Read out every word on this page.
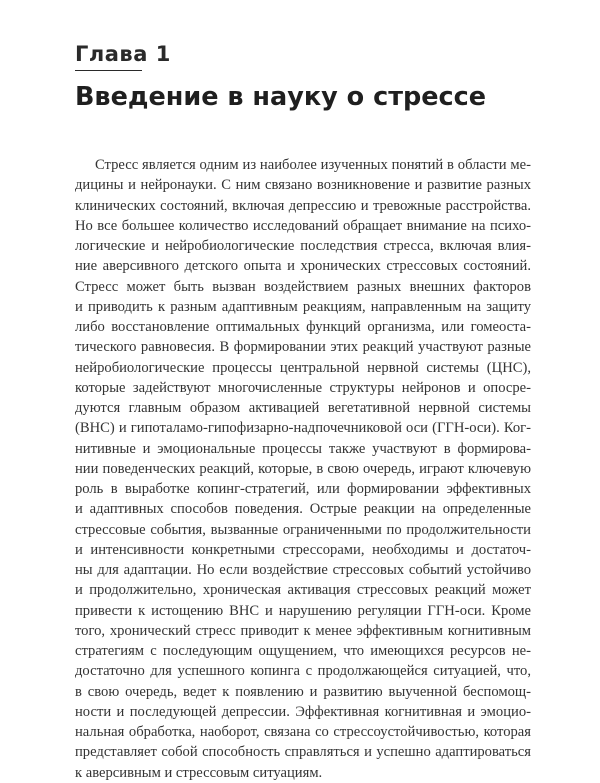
Глава 1
Введение в науку о стрессе
Стресс является одним из наиболее изученных понятий в области ме-
дицины и нейронауки. С ним связано возникновение и развитие разных
клинических состояний, включая депрессию и тревожные расстройства.
Но все большее количество исследований обращает внимание на психо-
логические и нейробиологические последствия стресса, включая влия-
ние аверсивного детского опыта и хронических стрессовых состояний.
Стресс может быть вызван воздействием разных внешних факторов
и приводить к разным адаптивным реакциям, направленным на защиту
либо восстановление оптимальных функций организма, или гомеоста-
тического равновесия. В формировании этих реакций участвуют разные
нейробиологические процессы центральной нервной системы (ЦНС),
которые задействуют многочисленные структуры нейронов и опосре-
дуются главным образом активацией вегетативной нервной системы
(ВНС) и гипоталамо-гипофизарно-надпочечниковой оси (ГГН-оси). Ког-
нитивные и эмоциональные процессы также участвуют в формирова-
нии поведенческих реакций, которые, в свою очередь, играют ключевую
роль в выработке копинг-стратегий, или формировании эффективных
и адаптивных способов поведения. Острые реакции на определенные
стрессовые события, вызванные ограниченными по продолжительности
и интенсивности конкретными стрессорами, необходимы и достаточ-
ны для адаптации. Но если воздействие стрессовых событий устойчиво
и продолжительно, хроническая активация стрессовых реакций может
привести к истощению ВНС и нарушению регуляции ГГН-оси. Кроме
того, хронический стресс приводит к менее эффективным когнитивным
стратегиям с последующим ощущением, что имеющихся ресурсов не-
достаточно для успешного копинга с продолжающейся ситуацией, что,
в свою очередь, ведет к появлению и развитию выученной беспомощ-
ности и последующей депрессии. Эффективная когнитивная и эмоцио-
нальная обработка, наоборот, связана со стрессоустойчивостью, которая
представляет собой способность справляться и успешно адаптироваться
к аверсивным и стрессовым ситуациям.
